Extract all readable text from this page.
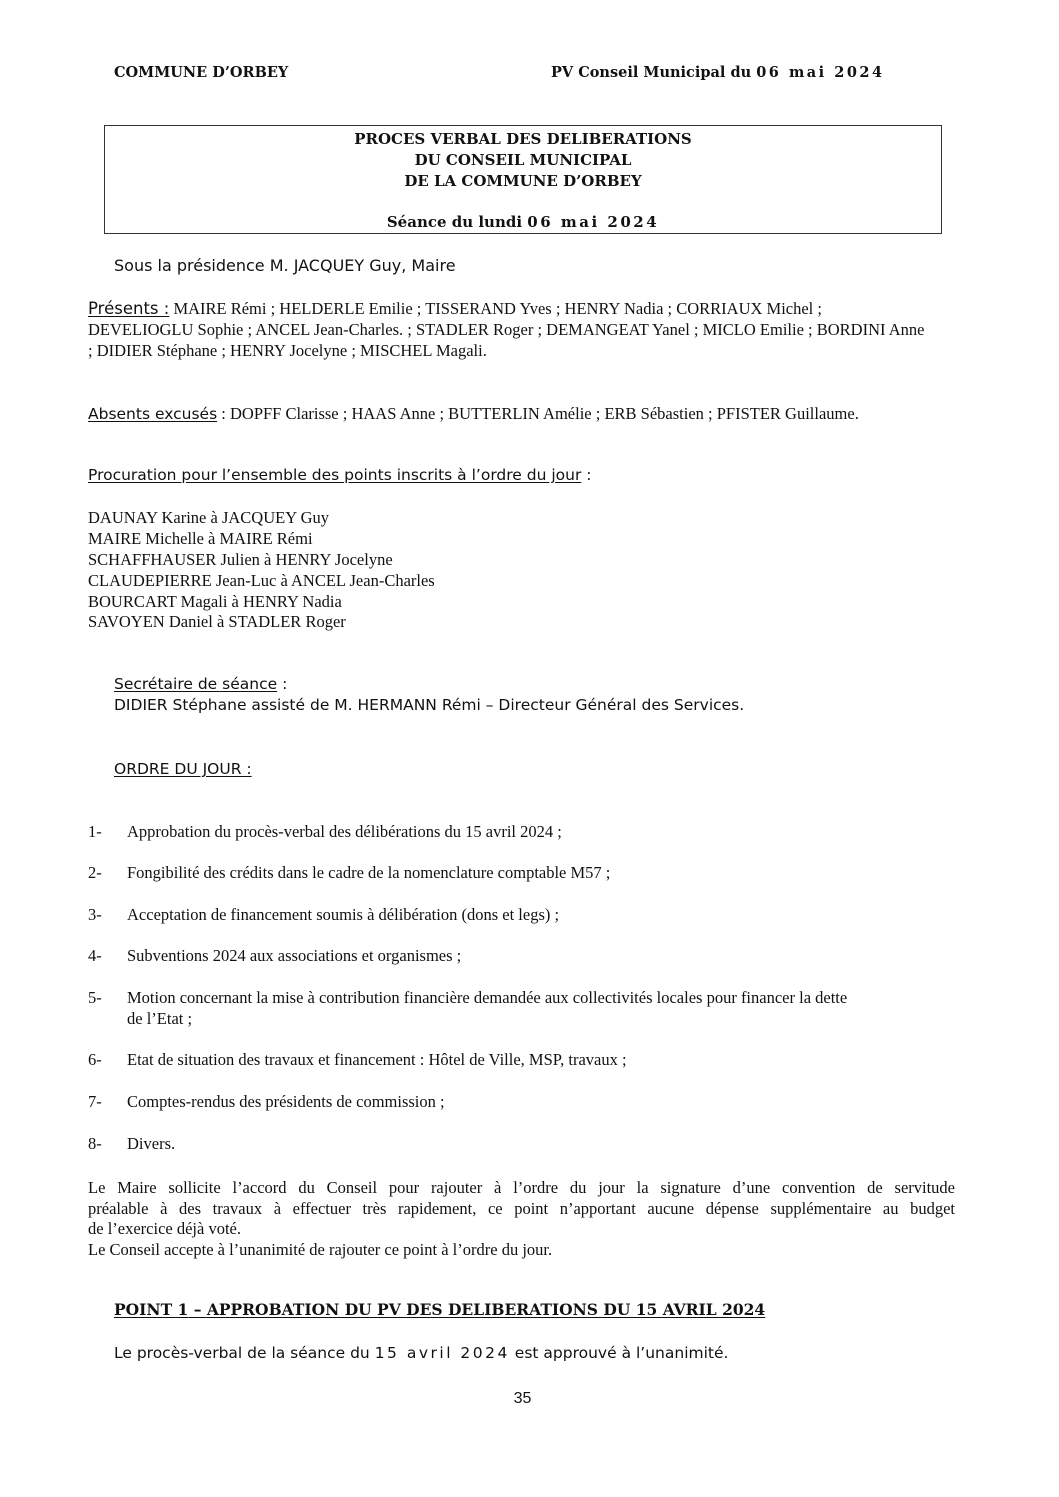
COMMUNE D’ORBEY	PV Conseil Municipal du 06 mai 2024
PROCES VERBAL DES DELIBERATIONS
DU CONSEIL MUNICIPAL
DE LA COMMUNE D’ORBEY
Séance du lundi 06 mai 2024
Sous la présidence M. JACQUEY Guy, Maire
Présents : MAIRE Rémi ; HELDERLE Emilie ; TISSERAND Yves ; HENRY Nadia ; CORRIAUX Michel ;
DEVELIOGLU Sophie ; ANCEL Jean-Charles. ; STADLER Roger ; DEMANGEAT Yanel ; MICLO Emilie ; BORDINI Anne
; DIDIER Stéphane ; HENRY Jocelyne ; MISCHEL Magali.
Absents excusés : DOPFF Clarisse ; HAAS Anne ; BUTTERLIN Amélie ; ERB Sébastien ; PFISTER Guillaume.
Procuration pour l’ensemble des points inscrits à l’ordre du jour :
DAUNAY Karine à JACQUEY Guy
MAIRE Michelle à MAIRE Rémi
SCHAFFHAUSER Julien à HENRY Jocelyne
CLAUDEPIERRE Jean-Luc à ANCEL Jean-Charles
BOURCART Magali à HENRY Nadia
SAVOYEN Daniel à STADLER Roger
Secrétaire de séance :
DIDIER Stéphane assisté de M. HERMANN Rémi – Directeur Général des Services.
ORDRE DU JOUR :
1- Approbation du procès-verbal des délibérations du 15 avril 2024 ;
2- Fongibilité des crédits dans le cadre de la nomenclature comptable M57 ;
3- Acceptation de financement soumis à délibération (dons et legs) ;
4- Subventions 2024 aux associations et organismes ;
5- Motion concernant la mise à contribution financière demandée aux collectivités locales pour financer la dette
de l’Etat ;
6- Etat de situation des travaux et financement : Hôtel de Ville, MSP, travaux ;
7- Comptes-rendus des présidents de commission ;
8- Divers.
Le Maire sollicite l’accord du Conseil pour rajouter à l’ordre du jour la signature d’une convention de servitude
préalable à des travaux à effectuer très rapidement, ce point n’apportant aucune dépense supplémentaire au budget
de l’exercice déjà voté.
Le Conseil accepte à l’unanimité de rajouter ce point à l’ordre du jour.
POINT 1 – APPROBATION DU PV DES DELIBERATIONS DU 15 AVRIL 2024
Le procès-verbal de la séance du 15 avril 2024 est approuvé à l’unanimité.
35
